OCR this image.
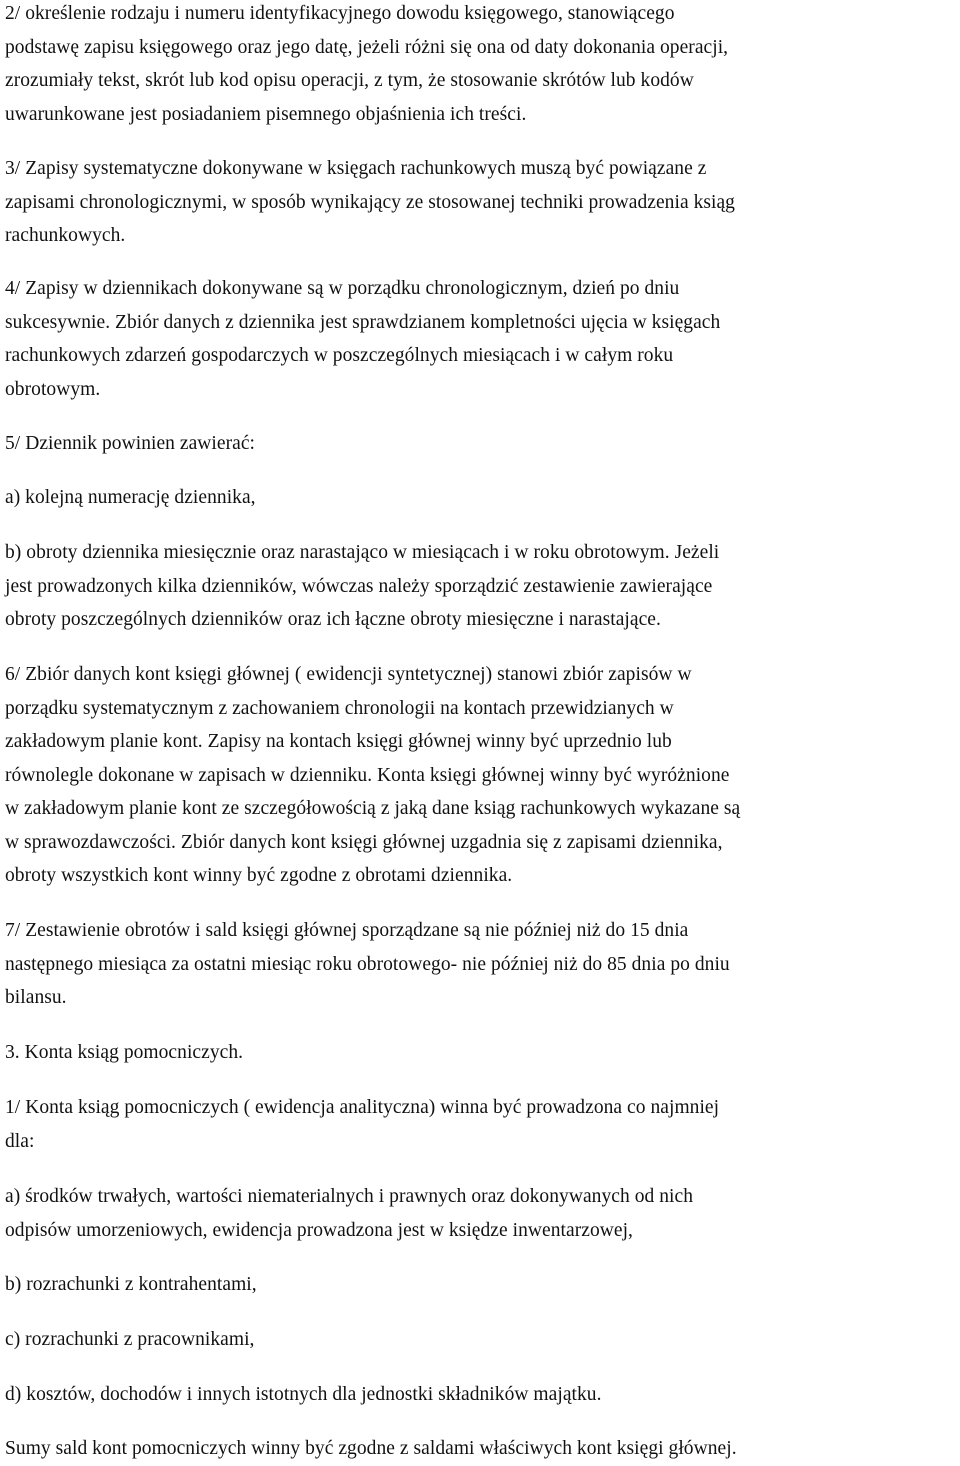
2/ określenie rodzaju i numeru identyfikacyjnego dowodu księgowego, stanowiącego
podstawę zapisu księgowego oraz jego datę, jeżeli różni się ona od daty dokonania operacji,
zrozumiały tekst, skrót lub kod opisu operacji, z tym, że stosowanie skrótów lub kodów
uwarunkowane jest posiadaniem pisemnego objaśnienia ich treści.
3/ Zapisy systematyczne dokonywane w księgach rachunkowych muszą być powiązane z
zapisami chronologicznymi, w sposób wynikający ze stosowanej techniki prowadzenia ksiąg
rachunkowych.
4/ Zapisy w dziennikach dokonywane są w porządku chronologicznym, dzień po dniu
sukcesywnie. Zbiór danych z dziennika jest sprawdzianem kompletności ujęcia w księgach
rachunkowych zdarzeń gospodarczych w poszczególnych miesiącach i w całym roku
obrotowym.
5/ Dziennik powinien zawierać:
a) kolejną numerację dziennika,
b) obroty dziennika miesięcznie oraz narastająco w miesiącach i w roku obrotowym. Jeżeli
jest prowadzonych kilka dzienników, wówczas należy sporządzić zestawienie zawierające
obroty poszczególnych dzienników oraz ich łączne obroty miesięczne i narastające.
6/ Zbiór danych kont księgi głównej ( ewidencji syntetycznej) stanowi zbiór zapisów w
porządku systematycznym z zachowaniem chronologii na kontach przewidzianych w
zakładowym planie kont. Zapisy na kontach księgi głównej winny być uprzednio lub
równolegle dokonane w zapisach w dzienniku. Konta księgi głównej winny być wyróżnione
w zakładowym planie kont ze szczegółowością z jaką dane ksiąg rachunkowych wykazane są
w sprawozdawczości. Zbiór danych kont księgi głównej uzgadnia się z zapisami dziennika,
obroty wszystkich kont winny być zgodne z obrotami dziennika.
7/ Zestawienie obrotów i sald księgi głównej sporządzane są nie później niż do 15 dnia
następnego miesiąca za ostatni miesiąc roku obrotowego- nie później niż do 85 dnia po dniu
bilansu.
3. Konta ksiąg pomocniczych.
1/ Konta ksiąg pomocniczych ( ewidencja analityczna) winna być prowadzona co najmniej
dla:
a) środków trwałych, wartości niematerialnych i prawnych oraz dokonywanych od nich
odpisów umorzeniowych, ewidencja prowadzona jest w księdze inwentarzowej,
b) rozrachunki z kontrahentami,
c) rozrachunki z pracownikami,
d) kosztów, dochodów i innych istotnych dla jednostki składników majątku.
Sumy sald kont pomocniczych winny być zgodne z saldami właściwych kont księgi głównej.
